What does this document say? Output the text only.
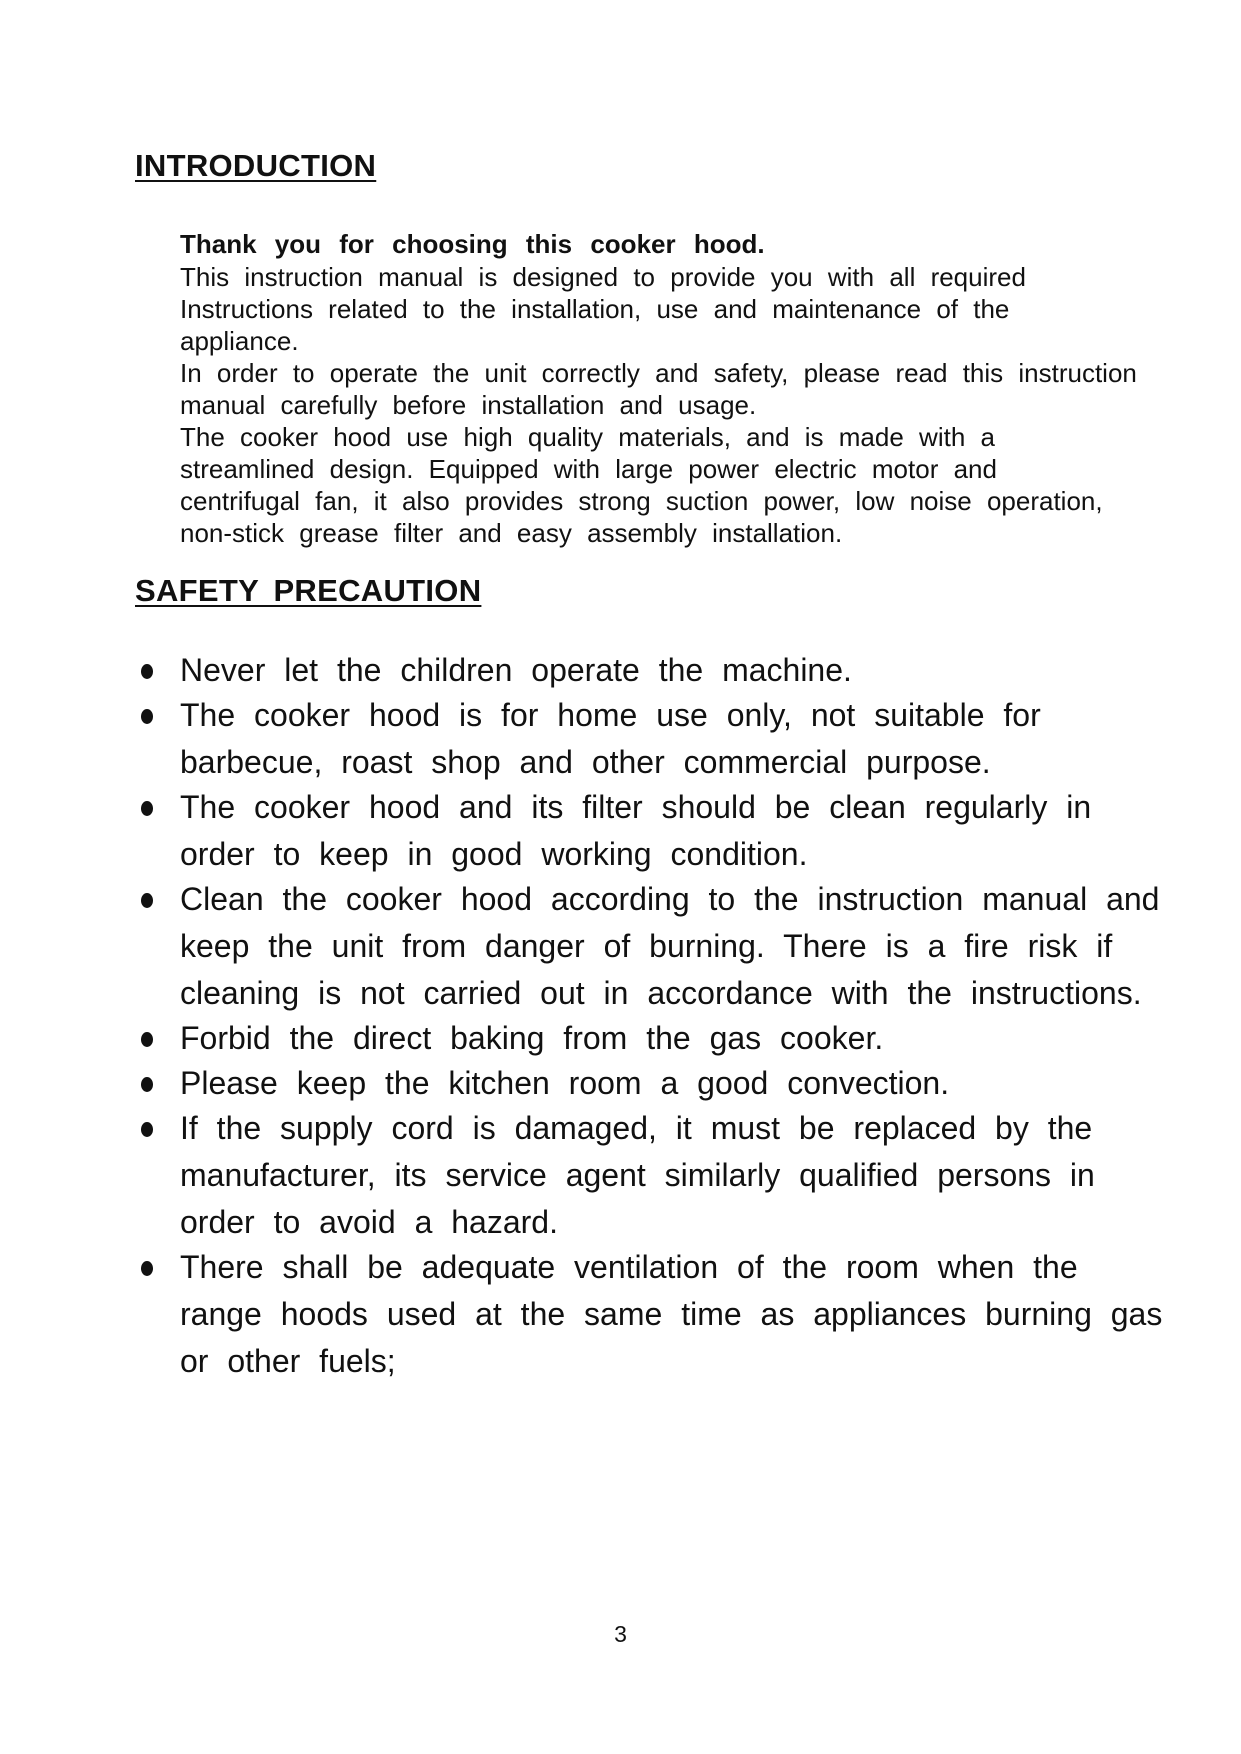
INTRODUCTION
Thank you for choosing this cooker hood.
This instruction manual is designed to provide you with all required
Instructions related to the installation, use and maintenance of the
appliance.
In order to operate the unit correctly and safety, please read this instruction
manual carefully before installation and usage.
The cooker hood use high quality materials, and is made with a
streamlined design. Equipped with large power electric motor and
centrifugal fan, it also provides strong suction power, low noise operation,
non-stick grease filter and easy assembly installation.
SAFETY PRECAUTION
Never let the children operate the machine.
The cooker hood is for home use only, not suitable for
barbecue, roast shop and other commercial purpose.
The cooker hood and its filter should be clean regularly in
order to keep in good working condition.
Clean the cooker hood according to the instruction manual and
keep the unit from danger of burning. There is a fire risk if
cleaning is not carried out in accordance with the instructions.
Forbid the direct baking from the gas cooker.
Please keep the kitchen room a good convection.
If the supply cord is damaged, it must be replaced by the
manufacturer, its service agent similarly qualified persons in
order to avoid a hazard.
There shall be adequate ventilation of the room when the
range hoods used at the same time as appliances burning gas
or other fuels;
3
